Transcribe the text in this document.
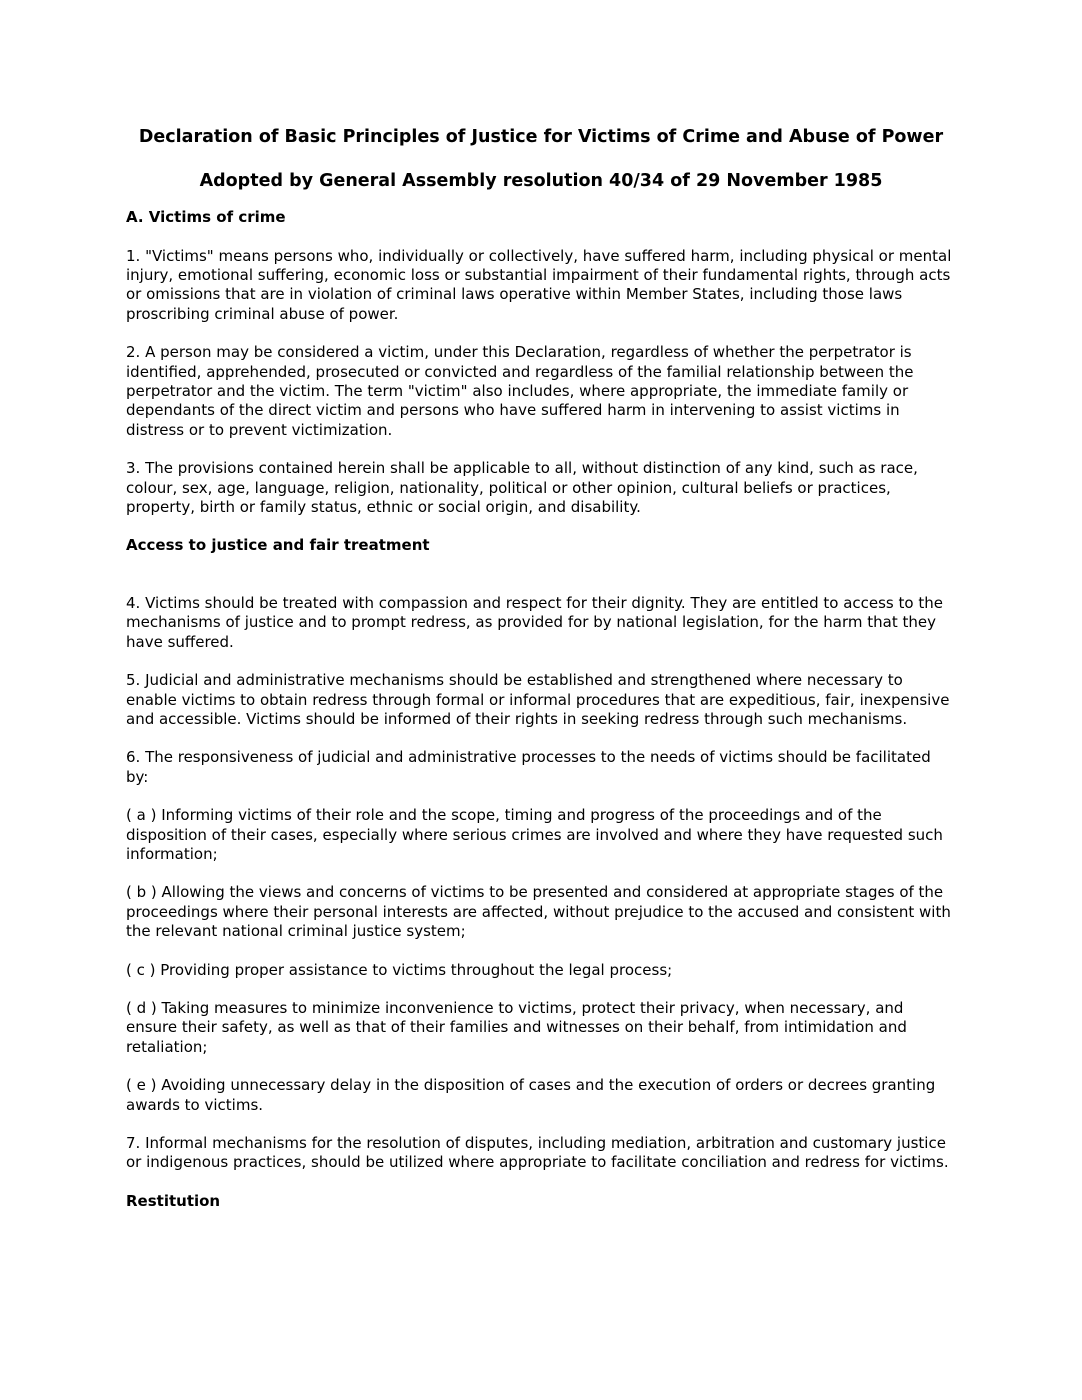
Declaration of Basic Principles of Justice for Victims of Crime and Abuse of Power
Adopted by General Assembly resolution 40/34 of 29 November 1985
A. Victims of crime

1. "Victims" means persons who, individually or collectively, have suffered harm, including physical or mental injury, emotional suffering, economic loss or substantial impairment of their fundamental rights, through acts or omissions that are in violation of criminal laws operative within Member States, including those laws proscribing criminal abuse of power.

2. A person may be considered a victim, under this Declaration, regardless of whether the perpetrator is identified, apprehended, prosecuted or convicted and regardless of the familial relationship between the perpetrator and the victim. The term "victim" also includes, where appropriate, the immediate family or dependants of the direct victim and persons who have suffered harm in intervening to assist victims in distress or to prevent victimization.

3. The provisions contained herein shall be applicable to all, without distinction of any kind, such as race, colour, sex, age, language, religion, nationality, political or other opinion, cultural beliefs or practices, property, birth or family status, ethnic or social origin, and disability.

Access to justice and fair treatment

4. Victims should be treated with compassion and respect for their dignity. They are entitled to access to the mechanisms of justice and to prompt redress, as provided for by national legislation, for the harm that they have suffered.

5. Judicial and administrative mechanisms should be established and strengthened where necessary to enable victims to obtain redress through formal or informal procedures that are expeditious, fair, inexpensive and accessible. Victims should be informed of their rights in seeking redress through such mechanisms.

6. The responsiveness of judicial and administrative processes to the needs of victims should be facilitated by:

( a ) Informing victims of their role and the scope, timing and progress of the proceedings and of the disposition of their cases, especially where serious crimes are involved and where they have requested such information;

( b ) Allowing the views and concerns of victims to be presented and considered at appropriate stages of the proceedings where their personal interests are affected, without prejudice to the accused and consistent with the relevant national criminal justice system;

( c ) Providing proper assistance to victims throughout the legal process;

( d ) Taking measures to minimize inconvenience to victims, protect their privacy, when necessary, and ensure their safety, as well as that of their families and witnesses on their behalf, from intimidation and retaliation;

( e ) Avoiding unnecessary delay in the disposition of cases and the execution of orders or decrees granting awards to victims.

7. Informal mechanisms for the resolution of disputes, including mediation, arbitration and customary justice or indigenous practices, should be utilized where appropriate to facilitate conciliation and redress for victims.

Restitution
